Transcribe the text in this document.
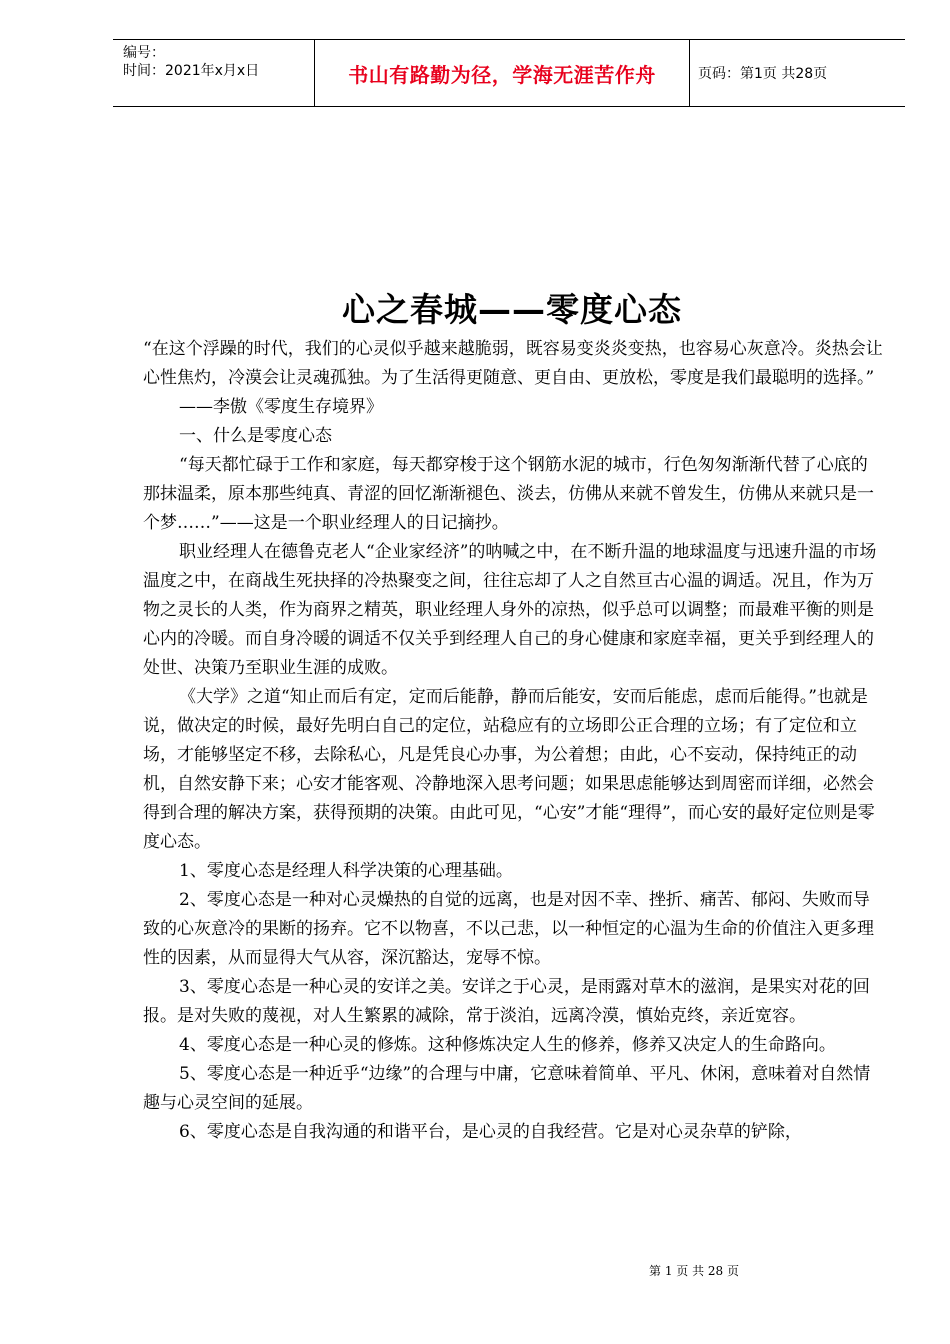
编号：
时间：2021年x月x日	书山有路勤为径，学海无涯苦作舟	页码：第1页 共28页
心之春城——零度心态

“在这个浮躁的时代，我们的心灵似乎越来越脆弱，既容易变炎炎变热，也容易心灰意冷。炎热会让心性焦灼，冷漠会让灵魂孤独。为了生活得更随意、更自由、更放松，零度是我们最聪明的选择。”

——李傲《零度生存境界》

一、什么是零度心态

“每天都忙碌于工作和家庭，每天都穿梭于这个钢筋水泥的城市，行色匆匆渐渐代替了心底的那抹温柔，原本那些纯真、青涩的回忆渐渐褪色、淡去，仿佛从来就不曾发生，仿佛从来就只是一个梦……”——这是一个职业经理人的日记摘抄。

职业经理人在德鲁克老人“企业家经济”的呐喊之中，在不断升温的地球温度与迅速升温的市场温度之中，在商战生死抉择的冷热聚变之间，往往忘却了人之自然亘古心温的调适。况且，作为万物之灵长的人类，作为商界之精英，职业经理人身外的凉热，似乎总可以调整；而最难平衡的则是心内的冷暖。而自身冷暖的调适不仅关乎到经理人自己的身心健康和家庭幸福，更关乎到经理人的处世、决策乃至职业生涯的成败。

《大学》之道“知止而后有定，定而后能静，静而后能安，安而后能虑，虑而后能得。”也就是说，做决定的时候，最好先明白自己的定位，站稳应有的立场即公正合理的立场；有了定位和立场，才能够坚定不移，去除私心，凡是凭良心办事，为公着想；由此，心不妄动，保持纯正的动机，自然安静下来；心安才能客观、冷静地深入思考问题；如果思虑能够达到周密而详细，必然会得到合理的解决方案，获得预期的决策。由此可见，“心安”才能“理得”，而心安的最好定位则是零度心态。

1、零度心态是经理人科学决策的心理基础。

2、零度心态是一种对心灵燥热的自觉的远离，也是对因不幸、挫折、痛苦、郁闷、失败而导致的心灰意冷的果断的扬弃。它不以物喜，不以己悲，以一种恒定的心温为生命的价值注入更多理性的因素，从而显得大气从容，深沉豁达，宠辱不惊。

3、零度心态是一种心灵的安详之美。安详之于心灵，是雨露对草木的滋润，是果实对花的回报。是对失败的蔑视，对人生繁累的减除，常于淡泊，远离冷漠，慎始克终，亲近宽容。

4、零度心态是一种心灵的修炼。这种修炼决定人生的修养，修养又决定人的生命路向。

5、零度心态是一种近乎“边缘”的合理与中庸，它意味着简单、平凡、休闲，意味着对自然情趣与心灵空间的延展。

6、零度心态是自我沟通的和谐平台，是心灵的自我经营。它是对心灵杂草的铲除，

第 1 页 共 28 页
